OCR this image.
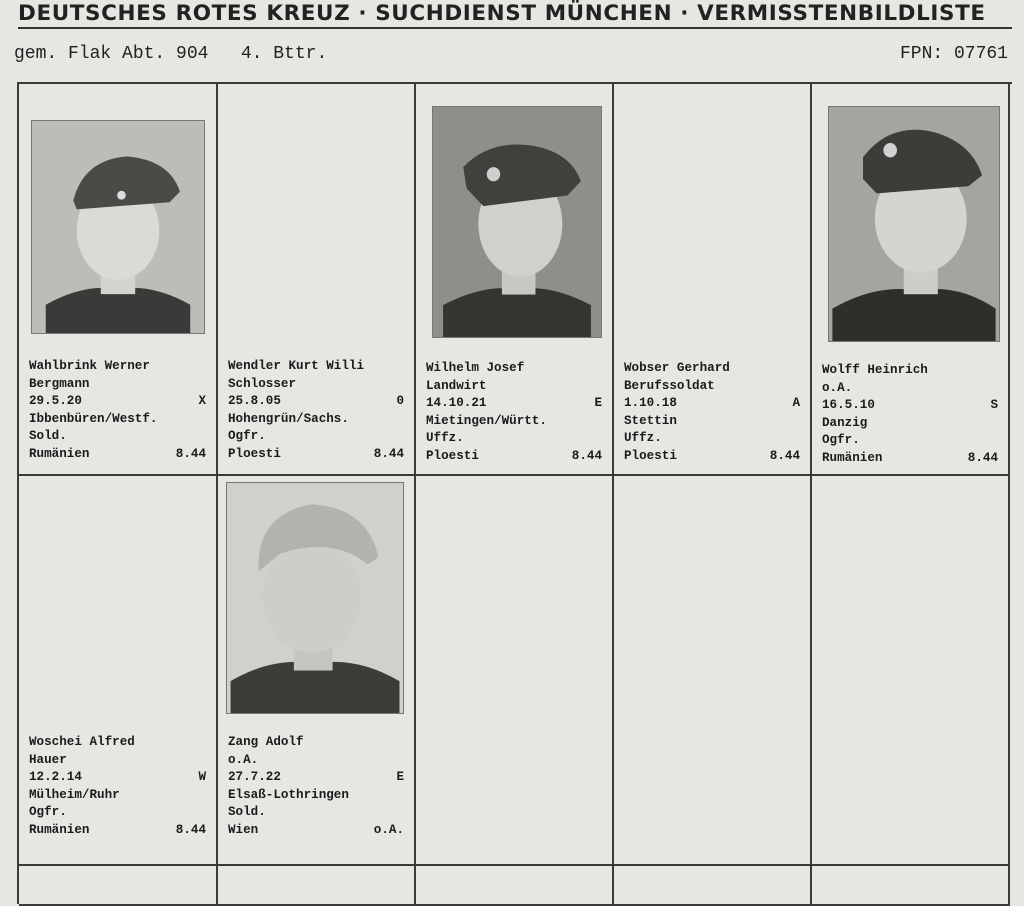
DEUTSCHES ROTES KREUZ · SUCHDIENST MÜNCHEN · VERMISSTENBILDLISTE
gem. Flak Abt. 904   4. Bttr.	FPN: 07761
Wahlbrink Werner
Bergmann
29.5.20	X
Ibbenbüren/Westf.
Sold.
Rumänien	8.44
Wendler Kurt Willi
Schlosser
25.8.05	0
Hohengrün/Sachs.
Ogfr.
Ploesti	8.44
Wilhelm Josef
Landwirt
14.10.21	E
Mietingen/Württ.
Uffz.
Ploesti	8.44
Wobser Gerhard
Berufssoldat
1.10.18	A
Stettin
Uffz.
Ploesti	8.44
Wolff Heinrich
o.A.
16.5.10	S
Danzig
Ogfr.
Rumänien	8.44
Woschei Alfred
Hauer
12.2.14	W
Mülheim/Ruhr
Ogfr.
Rumänien	8.44
Zang Adolf
o.A.
27.7.22	E
Elsaß-Lothringen
Sold.
Wien	o.A.
